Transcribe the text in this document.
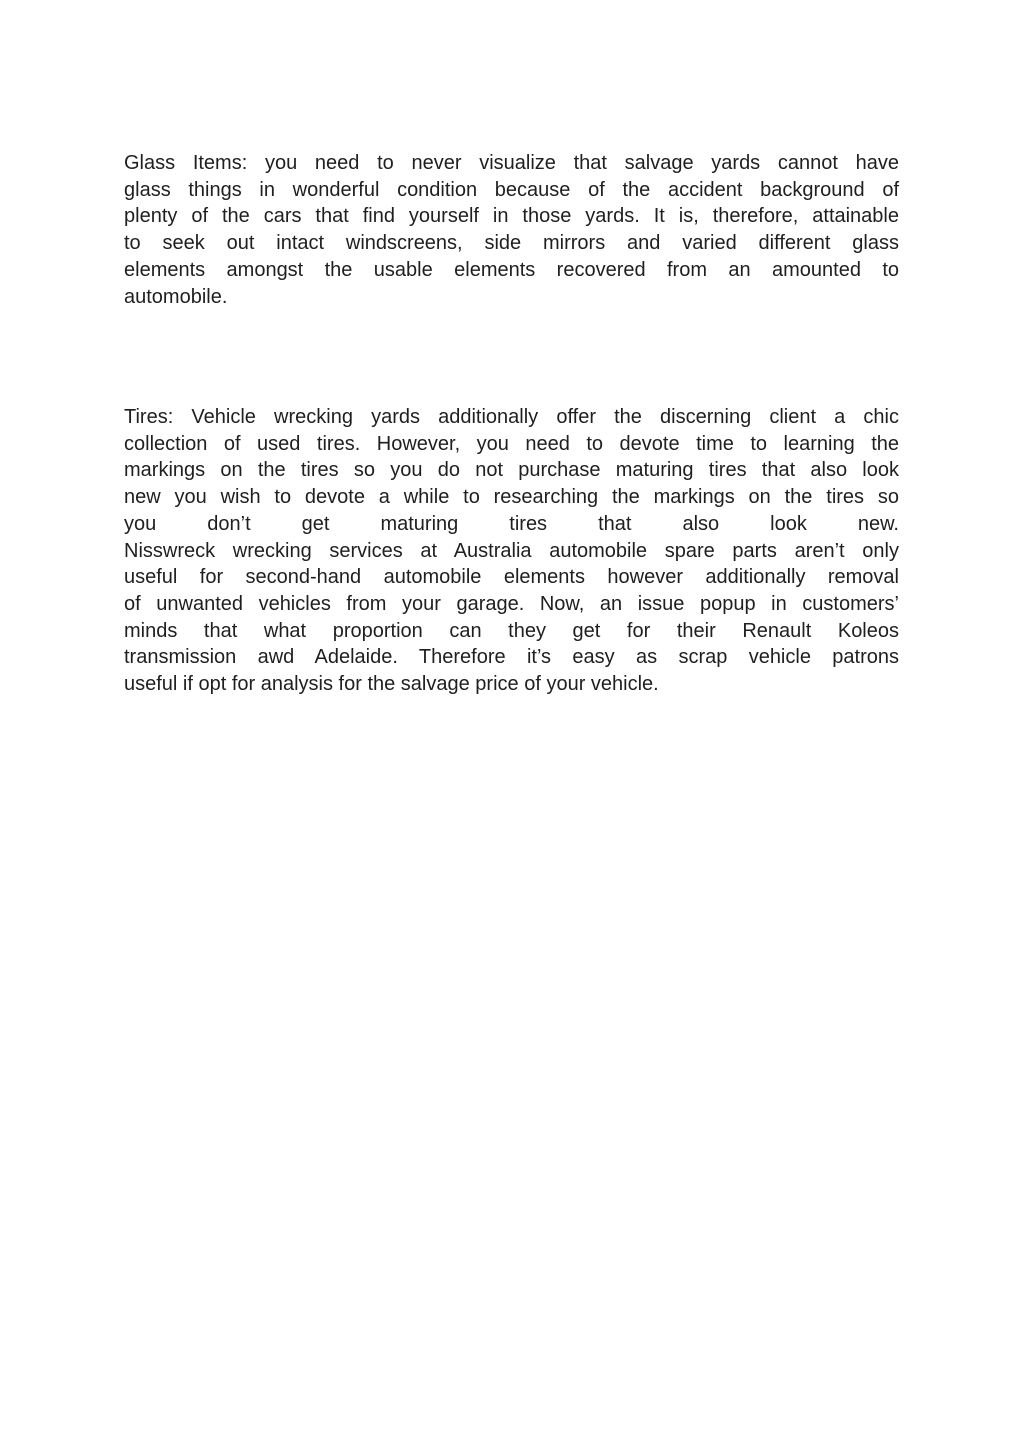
Glass Items: you need to never visualize that salvage yards cannot have
glass things in wonderful condition because of the accident background of
plenty of the cars that find yourself in those yards. It is, therefore, attainable
to seek out intact windscreens, side mirrors and varied different glass
elements amongst the usable elements recovered from an amounted to
automobile.

Tires: Vehicle wrecking yards additionally offer the discerning client a chic
collection of used tires. However, you need to devote time to learning the
markings on the tires so you do not purchase maturing tires that also look
new you wish to devote a while to researching the markings on the tires so
you don’t get maturing tires that also look new.
Nisswreck wrecking services at Australia automobile spare parts aren’t only
useful for second-hand automobile elements however additionally removal
of unwanted vehicles from your garage. Now, an issue popup in customers’
minds that what proportion can they get for their Renault Koleos
transmission awd Adelaide. Therefore it’s easy as scrap vehicle patrons
useful if opt for analysis for the salvage price of your vehicle.
